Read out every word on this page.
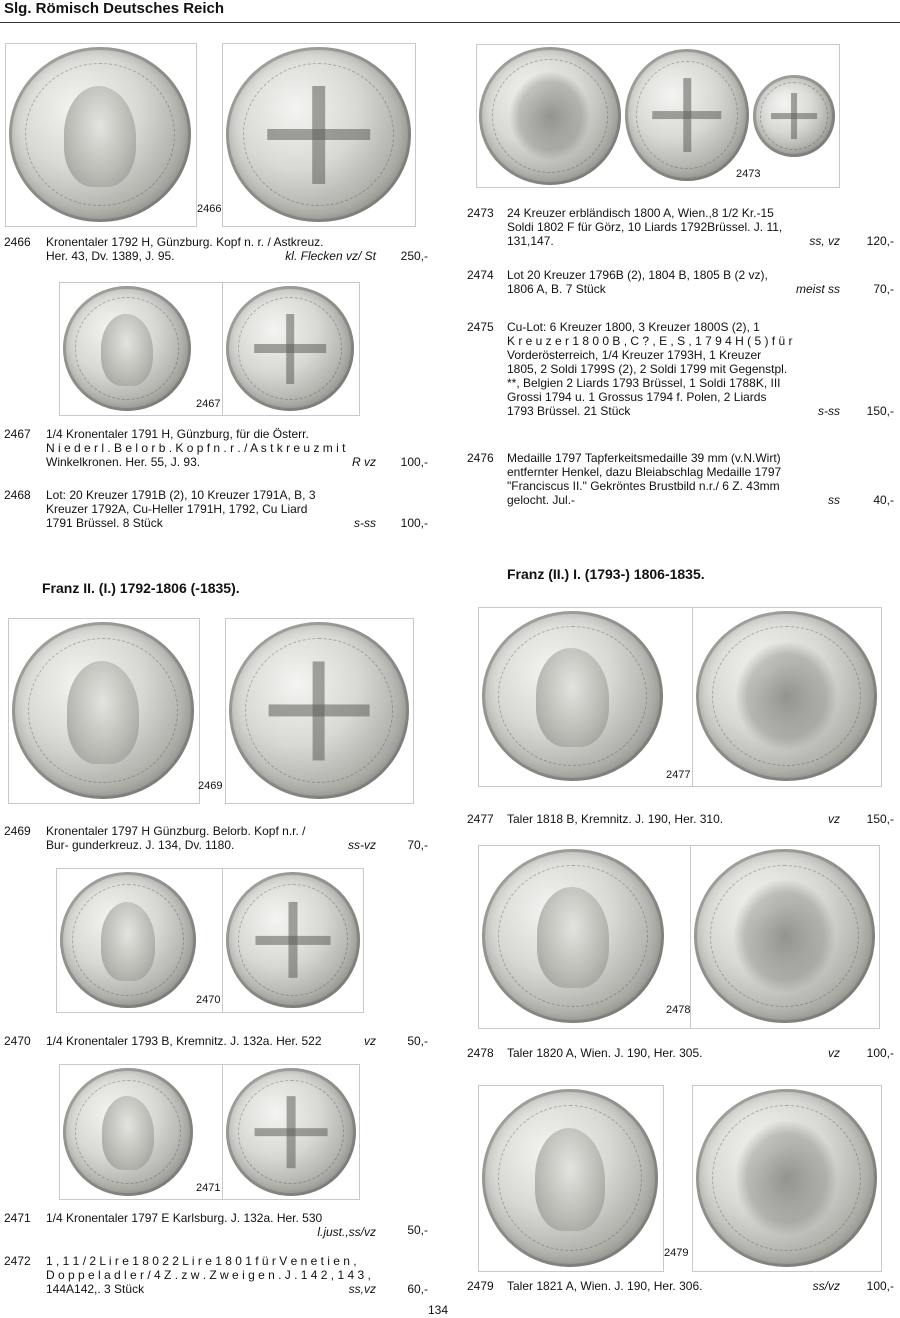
Slg. Römisch Deutsches Reich
2466
2467
2469
2470
2471
2473
2477
2478
2479
Franz II. (I.) 1792-1806 (-1835).
Franz (II.) I. (1793-) 1806-1835.
2466 Kronentaler 1792 H, Günzburg. Kopf n. r. / Astkreuz.
Her. 43, Dv. 1389, J. 95.	kl. Flecken vz/ St 250,-
2467 1/4 Kronentaler 1791 H, Günzburg, für die Österr.
N i e d e r l . B e l o r b . K o p f n . r . / A s t k r e u z m i t
Winkelkronen. Her. 55, J. 93.	R vz 100,-
2468 Lot: 20 Kreuzer 1791B (2), 10 Kreuzer 1791A, B, 3
Kreuzer 1792A, Cu-Heller 1791H, 1792, Cu Liard
1791 Brüssel. 8 Stück	s-ss 100,-
2469 Kronentaler 1797 H Günzburg. Belorb. Kopf n.r. /
Bur- gunderkreuz. J. 134, Dv. 1180.	ss-vz	70,-
2470 1/4 Kronentaler 1793 B, Kremnitz. J. 132a. Her. 522	vz	50,-
2471 1/4 Kronentaler 1797 E Karlsburg. J. 132a. Her. 530
l.just.,ss/vz	50,-
2472 1 , 1 1 / 2 L i r e 1 8 0 2 2 L i r e 1 8 0 1 f ü r V e n e t i e n ,
D o p p e l a d l e r / 4 Z . z w . Z w e i g e n . J . 1 4 2 , 1 4 3 ,
144A142,. 3 Stück	ss,vz	60,-
2473 24 Kreuzer erbländisch 1800 A, Wien.,8 1/2 Kr.-15
Soldi 1802 F für Görz, 10 Liards 1792Brüssel. J. 11,
131,147.	ss, vz 120,-
2474 Lot 20 Kreuzer 1796B (2), 1804 B, 1805 B (2 vz),
1806 A, B. 7 Stück	meist ss	70,-
2475 Cu-Lot: 6 Kreuzer 1800, 3 Kreuzer 1800S (2), 1
K r e u z e r 1 8 0 0 B , C ? , E , S , 1 7 9 4 H ( 5 ) f ü r
Vorderösterreich, 1/4 Kreuzer 1793H, 1 Kreuzer
1805, 2 Soldi 1799S (2), 2 Soldi 1799 mit Gegenstpl.
**, Belgien 2 Liards 1793 Brüssel, 1 Soldi 1788K, III
Grossi 1794 u. 1 Grossus 1794 f. Polen, 2 Liards
1793 Brüssel. 21 Stück	s-ss 150,-
2476 Medaille 1797 Tapferkeitsmedaille 39 mm (v.N.Wirt)
entfernter Henkel, dazu Bleiabschlag Medaille 1797
"Franciscus II." Gekröntes Brustbild n.r./ 6 Z. 43mm
gelocht. Jul.-	ss	40,-
2477 Taler 1818 B, Kremnitz. J. 190, Her. 310.	vz 150,-
2478 Taler 1820 A, Wien. J. 190, Her. 305.	vz 100,-
2479 Taler 1821 A, Wien. J. 190, Her. 306.	ss/vz 100,-
134
